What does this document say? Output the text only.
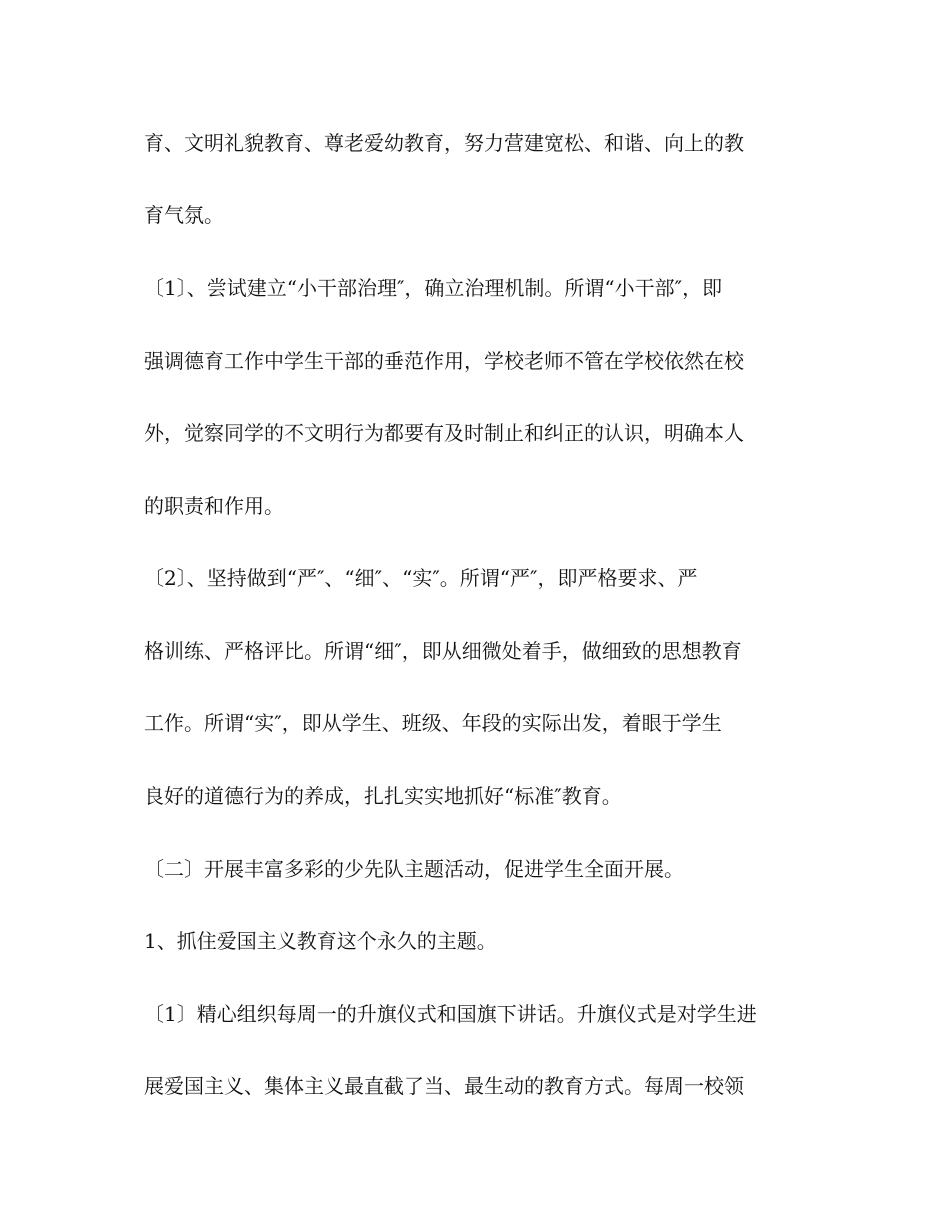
育、文明礼貌教育、尊老爱幼教育，努力营建宽松、和谐、向上的教
育气氛。
〔1〕、尝试建立“小干部治理″，确立治理机制。所谓“小干部″，即
强调德育工作中学生干部的垂范作用，学校老师不管在学校依然在校
外，觉察同学的不文明行为都要有及时制止和纠正的认识，明确本人
的职责和作用。
〔2〕、坚持做到“严″、“细″、“实″。所谓“严″，即严格要求、严
格训练、严格评比。所谓“细″，即从细微处着手，做细致的思想教育
工作。所谓“实″，即从学生、班级、年段的实际出发，着眼于学生
良好的道德行为的养成，扎扎实实地抓好“标准″教育。
〔二〕开展丰富多彩的少先队主题活动，促进学生全面开展。
1、抓住爱国主义教育这个永久的主题。
〔1〕精心组织每周一的升旗仪式和国旗下讲话。升旗仪式是对学生进
展爱国主义、集体主义最直截了当、最生动的教育方式。每周一校领
